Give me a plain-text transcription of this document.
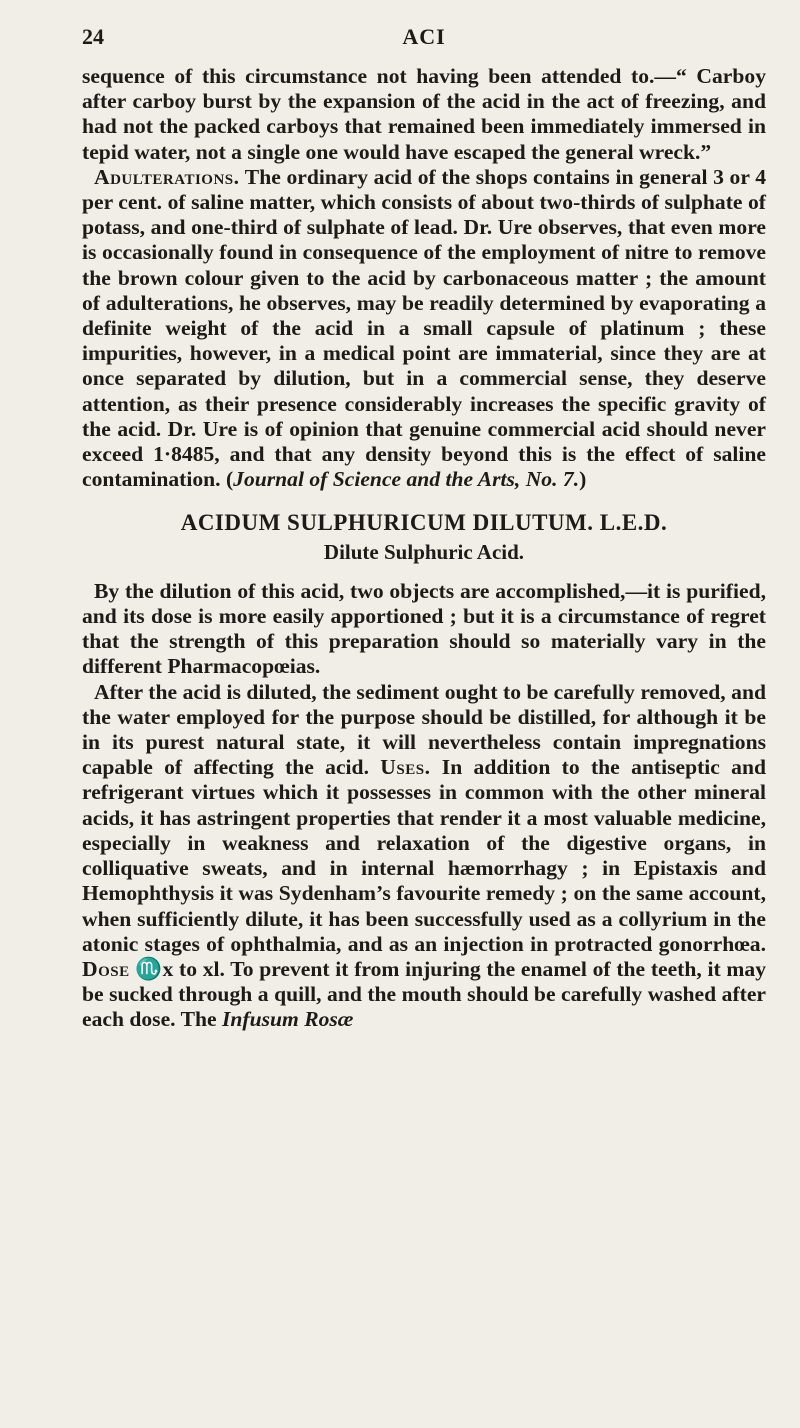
24	ACI

sequence of this circumstance not having been attended to.—“ Carboy after carboy burst by the expansion of the acid in the act of freezing, and had not the packed carboys that remained been immediately immersed in tepid water, not a single one would have escaped the general wreck.”

Adulterations. The ordinary acid of the shops contains in general 3 or 4 per cent. of saline matter, which consists of about two-thirds of sulphate of potass, and one-third of sulphate of lead. Dr. Ure observes, that even more is occasionally found in consequence of the employment of nitre to remove the brown colour given to the acid by carbonaceous matter ; the amount of adulterations, he observes, may be readily determined by evaporating a definite weight of the acid in a small capsule of platinum ; these impurities, however, in a medical point are immaterial, since they are at once separated by dilution, but in a commercial sense, they deserve attention, as their presence considerably increases the specific gravity of the acid. Dr. Ure is of opinion that genuine commercial acid should never exceed 1·8485, and that any density beyond this is the effect of saline contamination. (Journal of Science and the Arts, No. 7.)

ACIDUM SULPHURICUM DILUTUM. L.E.D.
Dilute Sulphuric Acid.

By the dilution of this acid, two objects are accomplished,—it is purified, and its dose is more easily apportioned ; but it is a circumstance of regret that the strength of this preparation should so materially vary in the different Pharmacopœias.

After the acid is diluted, the sediment ought to be carefully removed, and the water employed for the purpose should be distilled, for although it be in its purest natural state, it will nevertheless contain impregnations capable of affecting the acid. Uses. In addition to the antiseptic and refrigerant virtues which it possesses in common with the other mineral acids, it has astringent properties that render it a most valuable medicine, especially in weakness and relaxation of the digestive organs, in colliquative sweats, and in internal hæmorrhagy ; in Epistaxis and Hemophthysis it was Sydenham’s favourite remedy ; on the same account, when sufficiently dilute, it has been successfully used as a collyrium in the atonic stages of ophthalmia, and as an injection in protracted gonorrhœa. Dose ♏x to xl. To prevent it from injuring the enamel of the teeth, it may be sucked through a quill, and the mouth should be carefully washed after each dose. The Infusum Rosæ
